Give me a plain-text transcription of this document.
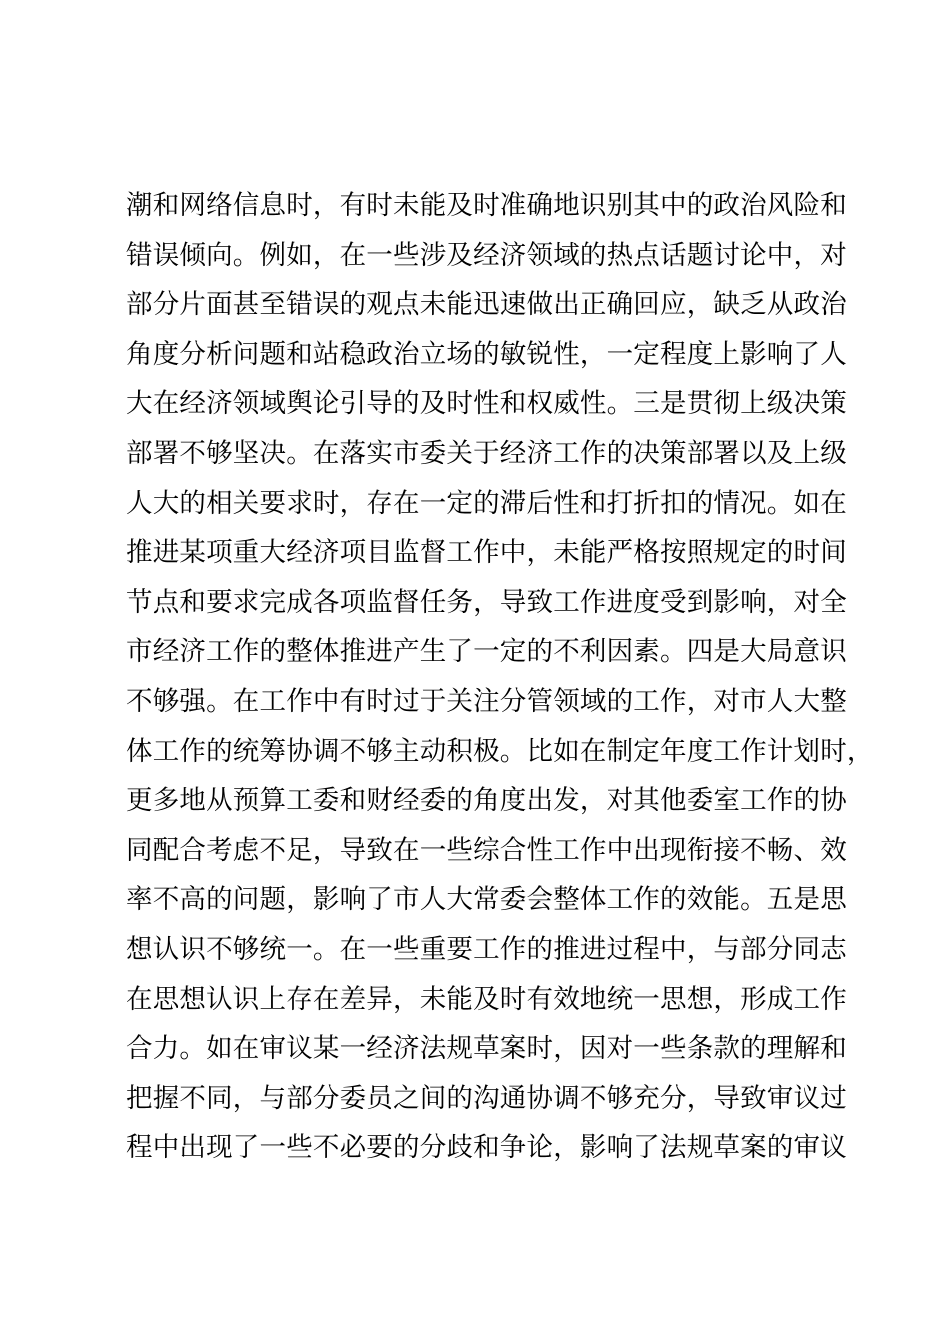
潮和网络信息时，有时未能及时准确地识别其中的政治风险和
错误倾向。例如，在一些涉及经济领域的热点话题讨论中，对
部分片面甚至错误的观点未能迅速做出正确回应，缺乏从政治
角度分析问题和站稳政治立场的敏锐性，一定程度上影响了人
大在经济领域舆论引导的及时性和权威性。三是贯彻上级决策
部署不够坚决。在落实市委关于经济工作的决策部署以及上级
人大的相关要求时，存在一定的滞后性和打折扣的情况。如在
推进某项重大经济项目监督工作中，未能严格按照规定的时间
节点和要求完成各项监督任务，导致工作进度受到影响，对全
市经济工作的整体推进产生了一定的不利因素。四是大局意识
不够强。在工作中有时过于关注分管领域的工作，对市人大整
体工作的统筹协调不够主动积极。比如在制定年度工作计划时，
更多地从预算工委和财经委的角度出发，对其他委室工作的协
同配合考虑不足，导致在一些综合性工作中出现衔接不畅、效
率不高的问题，影响了市人大常委会整体工作的效能。五是思
想认识不够统一。在一些重要工作的推进过程中，与部分同志
在思想认识上存在差异，未能及时有效地统一思想，形成工作
合力。如在审议某一经济法规草案时，因对一些条款的理解和
把握不同，与部分委员之间的沟通协调不够充分，导致审议过
程中出现了一些不必要的分歧和争论，影响了法规草案的审议
